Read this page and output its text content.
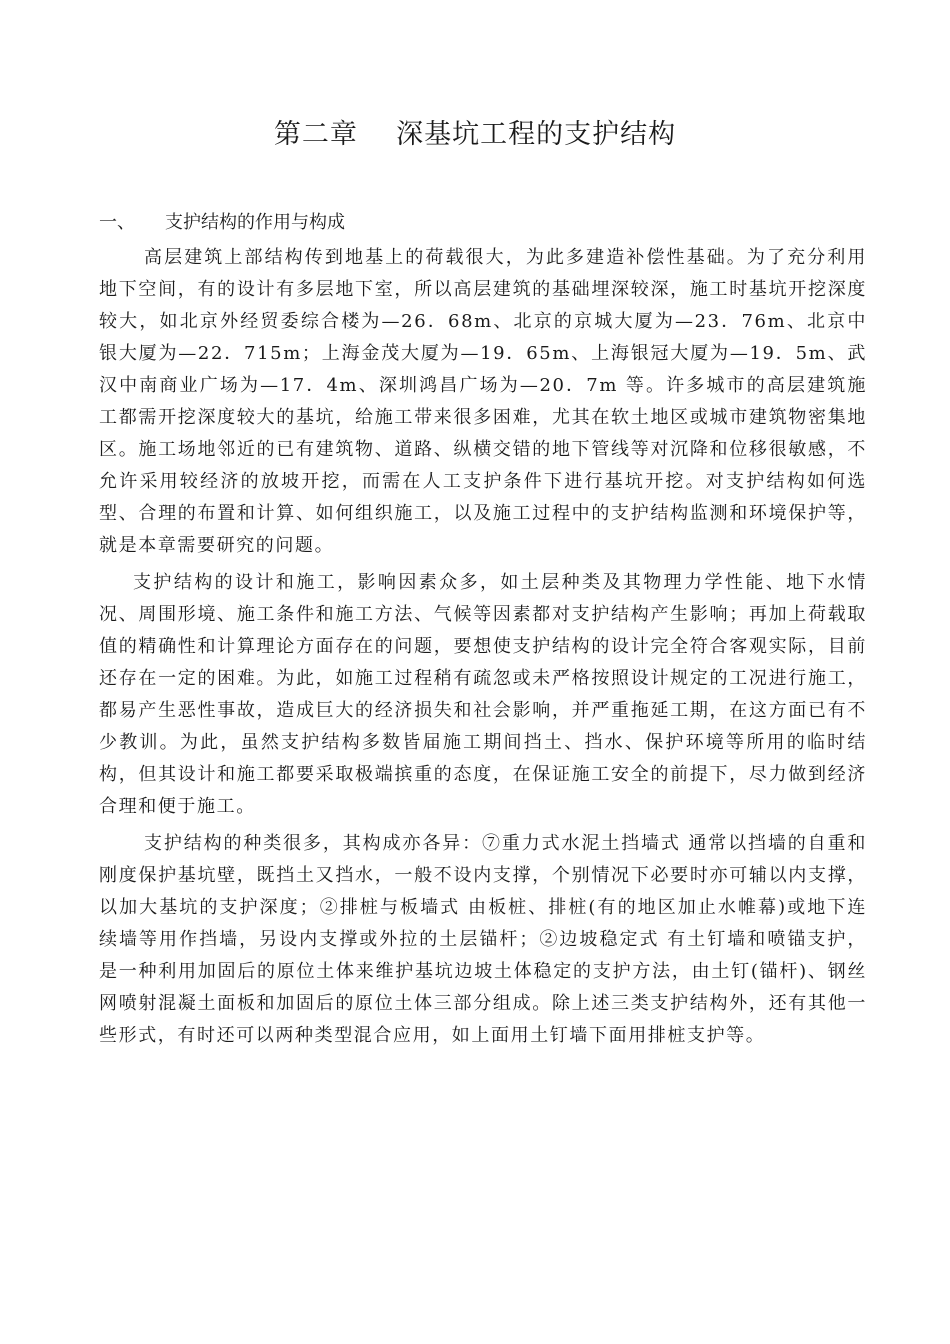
第二章    深基坑工程的支护结构
一、 支护结构的作用与构成

高层建筑上部结构传到地基上的荷载很大，为此多建造补偿性基础。为了充分利用地下空间，有的设计有多层地下室，所以高层建筑的基础埋深较深，施工时基坑开挖深度较大，如北京外经贸委综合楼为—26．68m、北京的京城大厦为—23．76m、北京中银大厦为—22．715m；上海金茂大厦为—19．65m、上海银冠大厦为—19．5m、武汉中南商业广场为—17．4m、深圳鸿昌广场为—20．7m 等。许多城市的高层建筑施工都需开挖深度较大的基坑，给施工带来很多困难，尤其在软土地区或城市建筑物密集地区。施工场地邻近的已有建筑物、道路、纵横交错的地下管线等对沉降和位移很敏感，不允许采用较经济的放坡开挖，而需在人工支护条件下进行基坑开挖。对支护结构如何选型、合理的布置和计算、如何组织施工，以及施工过程中的支护结构监测和环境保护等，就是本章需要研究的问题。

支护结构的设计和施工，影响因素众多，如土层种类及其物理力学性能、地下水情况、周围形境、施工条件和施工方法、气候等因素都对支护结构产生影响；再加上荷载取值的精确性和计算理论方面存在的问题，要想使支护结构的设计完全符合客观实际，目前还存在一定的困难。为此，如施工过程稍有疏忽或未严格按照设计规定的工况进行施工，都易产生恶性事故，造成巨大的经济损失和社会影响，并严重拖延工期，在这方面已有不少教训。为此，虽然支护结构多数皆届施工期间挡土、挡水、保护环境等所用的临时结构，但其设计和施工都要采取极端摈重的态度，在保证施工安全的前提下，尽力做到经济合理和便于施工。

支护结构的种类很多，其构成亦各异：⑦重力式水泥土挡墙式 通常以挡墙的自重和刚度保护基坑壁，既挡土又挡水，一般不设内支撑，个别情况下必要时亦可辅以内支撑，以加大基坑的支护深度；②排桩与板墙式 由板桩、排桩(有的地区加止水帷幕)或地下连续墙等用作挡墙，另设内支撑或外拉的土层锚杆；②边坡稳定式 有土钉墙和喷锚支护，是一种利用加固后的原位土体来维护基坑边坡土体稳定的支护方法，由土钉(锚杆)、钢丝网喷射混凝土面板和加固后的原位土体三部分组成。除上述三类支护结构外，还有其他一些形式，有时还可以两种类型混合应用，如上面用土钉墙下面用排桩支护等。
